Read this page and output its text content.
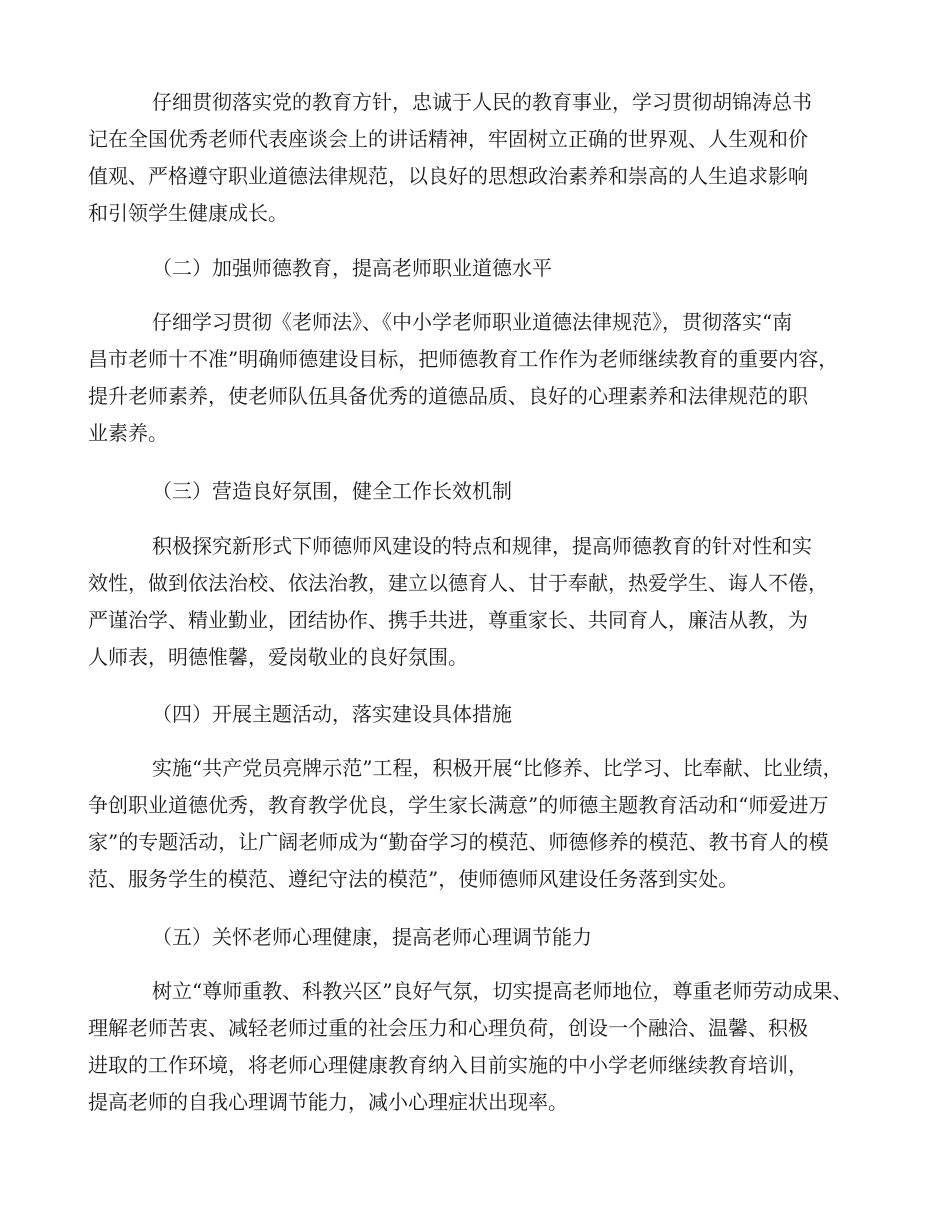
仔细贯彻落实党的教育方针，忠诚于人民的教育事业，学习贯彻胡锦涛总书
记在全国优秀老师代表座谈会上的讲话精神，牢固树立正确的世界观、人生观和价
值观、严格遵守职业道德法律规范，以良好的思想政治素养和崇高的人生追求影响
和引领学生健康成长。
（二）加强师德教育，提高老师职业道德水平
仔细学习贯彻《老师法》、《中小学老师职业道德法律规范》，贯彻落实“南
昌市老师十不准”明确师德建设目标，把师德教育工作作为老师继续教育的重要内容，
提升老师素养，使老师队伍具备优秀的道德品质、良好的心理素养和法律规范的职
业素养。
（三）营造良好氛围，健全工作长效机制
积极探究新形式下师德师风建设的特点和规律，提高师德教育的针对性和实
效性，做到依法治校、依法治教，建立以德育人、甘于奉献，热爱学生、诲人不倦，
严谨治学、精业勤业，团结协作、携手共进，尊重家长、共同育人，廉洁从教，为
人师表，明德惟馨，爱岗敬业的良好氛围。
（四）开展主题活动，落实建设具体措施
实施“共产党员亮牌示范”工程，积极开展“比修养、比学习、比奉献、比业绩，
争创职业道德优秀，教育教学优良，学生家长满意”的师德主题教育活动和“师爱进万
家”的专题活动，让广阔老师成为“勤奋学习的模范、师德修养的模范、教书育人的模
范、服务学生的模范、遵纪守法的模范”，使师德师风建设任务落到实处。
（五）关怀老师心理健康，提高老师心理调节能力
树立“尊师重教、科教兴区”良好气氛，切实提高老师地位，尊重老师劳动成果、
理解老师苦衷、减轻老师过重的社会压力和心理负荷，创设一个融洽、温馨、积极
进取的工作环境，将老师心理健康教育纳入目前实施的中小学老师继续教育培训，
提高老师的自我心理调节能力，减小心理症状出现率。
